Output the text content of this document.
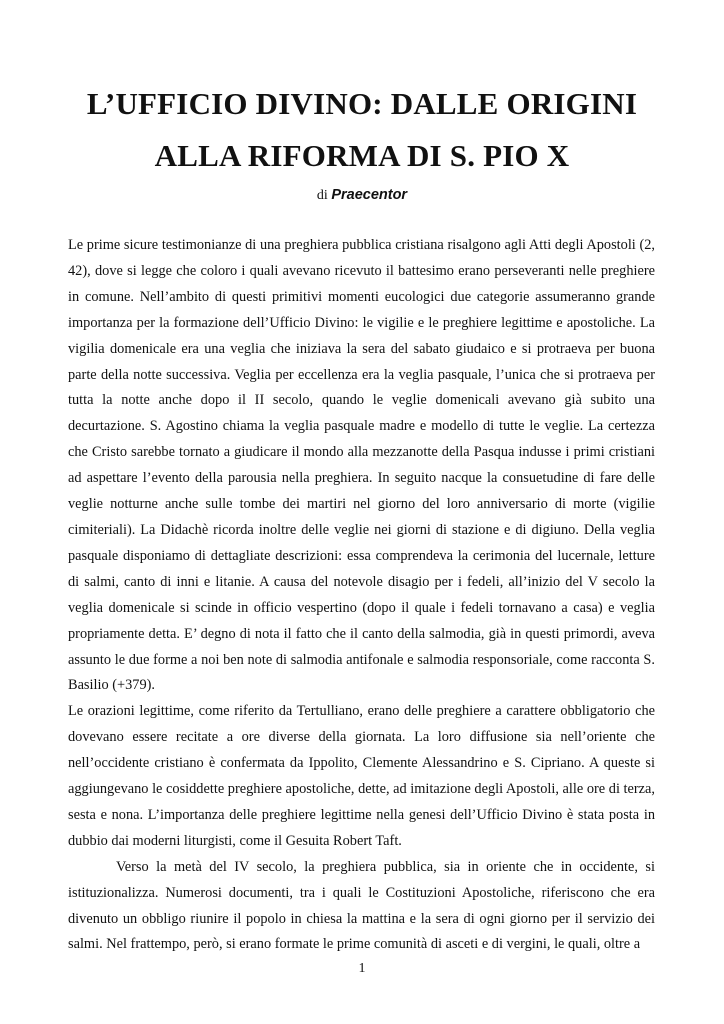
L’UFFICIO DIVINO: DALLE ORIGINI
ALLA RIFORMA DI S. PIO X
di Praecentor

Le prime sicure testimonianze di una preghiera pubblica cristiana risalgono agli Atti degli Apostoli (2, 42), dove si legge che coloro i quali avevano ricevuto il battesimo erano perseveranti nelle preghiere in comune. Nell’ambito di questi primitivi momenti eucologici due categorie assumeranno grande importanza per la formazione dell’Ufficio Divino: le vigilie e le preghiere legittime e apostoliche. La vigilia domenicale era una veglia che iniziava la sera del sabato giudaico e si protraeva per buona parte della notte successiva. Veglia per eccellenza era la veglia pasquale, l’unica che si protraeva per tutta la notte anche dopo il II secolo, quando le veglie domenicali avevano già subito una decurtazione. S. Agostino chiama la veglia pasquale madre e modello di tutte le veglie. La certezza che Cristo sarebbe tornato a giudicare il mondo alla mezzanotte della Pasqua indusse i primi cristiani ad aspettare l’evento della parousia nella preghiera. In seguito nacque la consuetudine di fare delle veglie notturne anche sulle tombe dei martiri nel giorno del loro anniversario di morte (vigilie cimiteriali). La Didachè ricorda inoltre delle veglie nei giorni di stazione e di digiuno. Della veglia pasquale disponiamo di dettagliate descrizioni: essa comprendeva la cerimonia del lucernale, letture di salmi, canto di inni e litanie. A causa del notevole disagio per i fedeli, all’inizio del V secolo la veglia domenicale si scinde in officio vespertino (dopo il quale i fedeli tornavano a casa) e veglia propriamente detta. E’ degno di nota il fatto che il canto della salmodia, già in questi primordi, aveva assunto le due forme a noi ben note di salmodia antifonale e salmodia responsoriale, come racconta S. Basilio (+379).

Le orazioni legittime, come riferito da Tertulliano, erano delle preghiere a carattere obbligatorio che dovevano essere recitate a ore diverse della giornata. La loro diffusione sia nell’oriente che nell’occidente cristiano è confermata da Ippolito, Clemente Alessandrino e S. Cipriano. A queste si aggiungevano le cosiddette preghiere apostoliche, dette, ad imitazione degli Apostoli, alle ore di terza, sesta e nona. L’importanza delle preghiere legittime nella genesi dell’Ufficio Divino è stata posta in dubbio dai moderni liturgisti, come il Gesuita Robert Taft.

Verso la metà del IV secolo, la preghiera pubblica, sia in oriente che in occidente, si istituzionalizza. Numerosi documenti, tra i quali le Costituzioni Apostoliche, riferiscono che era divenuto un obbligo riunire il popolo in chiesa la mattina e la sera di ogni giorno per il servizio dei salmi. Nel frattempo, però, si erano formate le prime comunità di asceti e di vergini, le quali, oltre a

1
